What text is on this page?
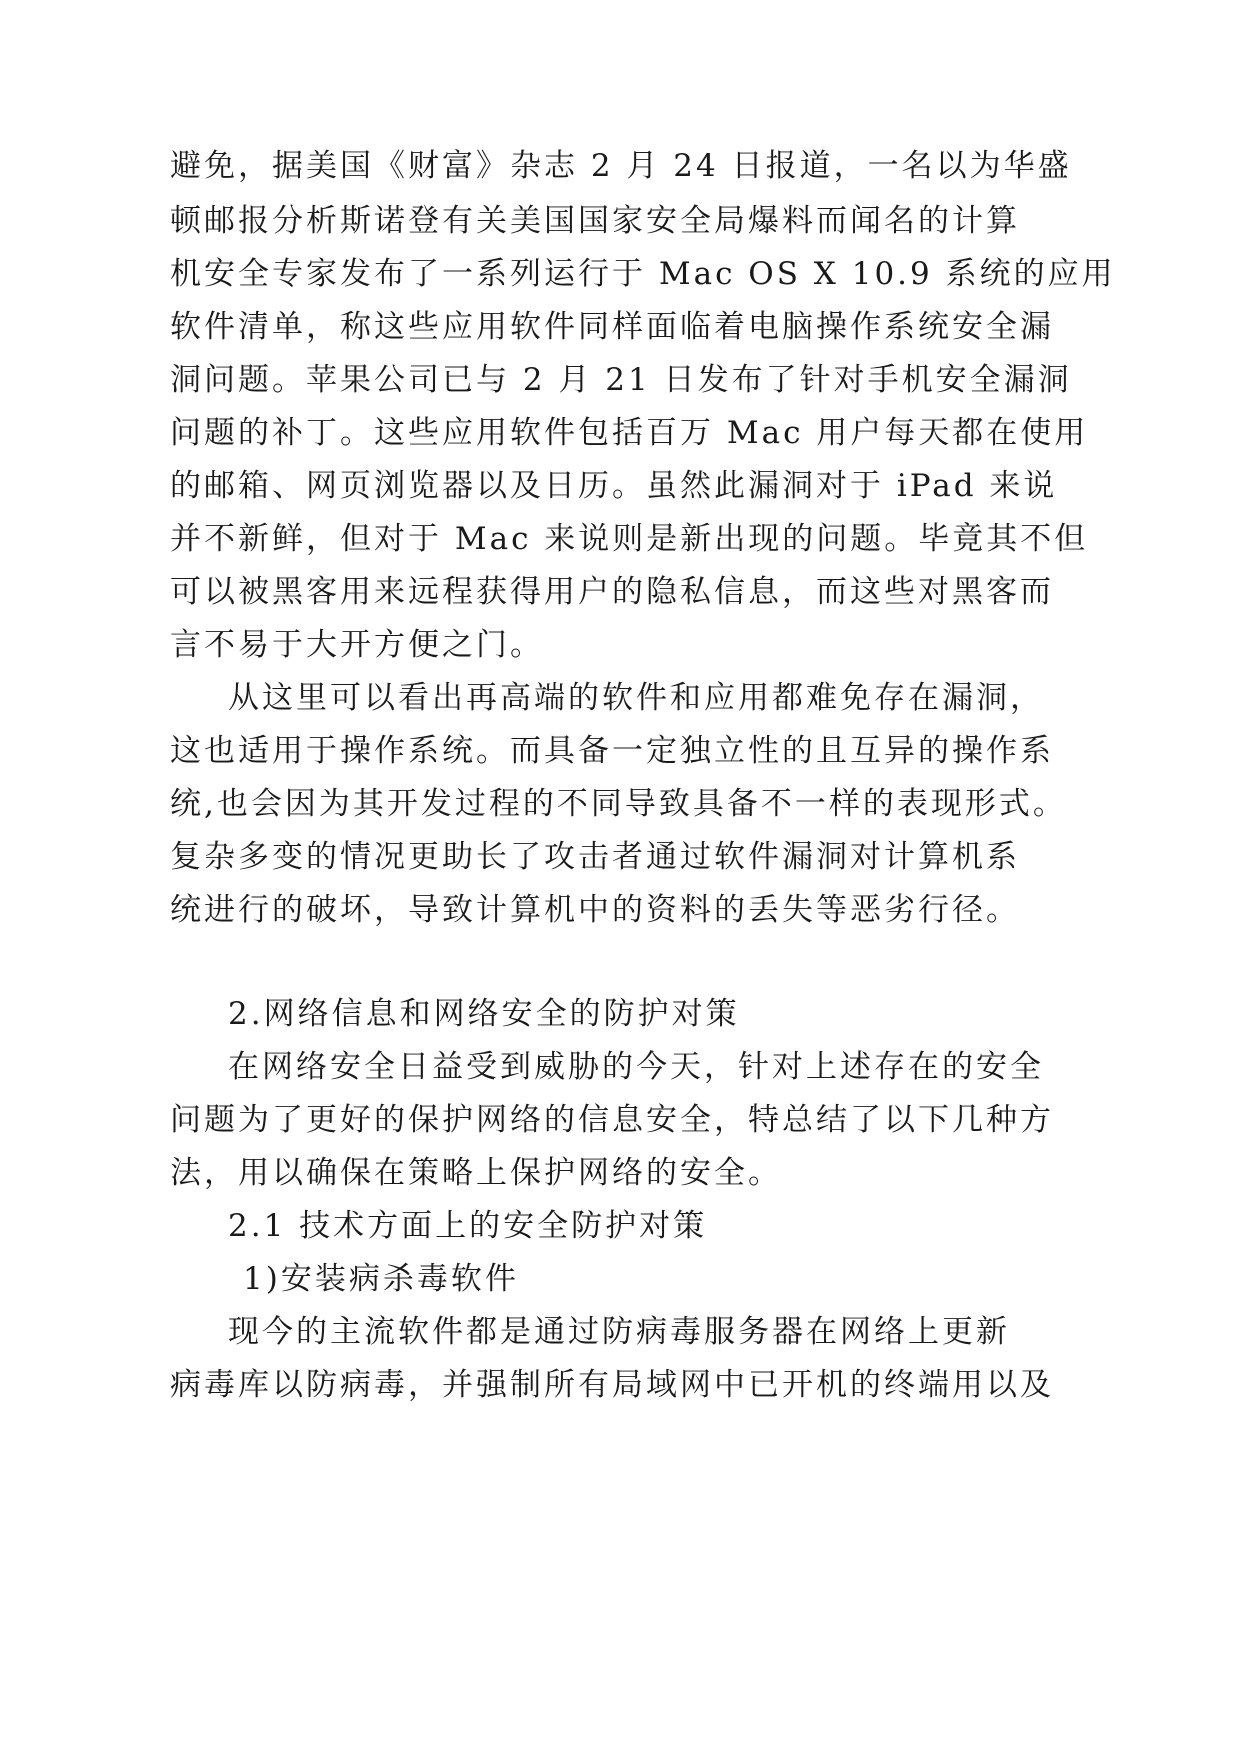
避免，据美国《财富》杂志 2 月 24 日报道，一名以为华盛
顿邮报分析斯诺登有关美国国家安全局爆料而闻名的计算
机安全专家发布了一系列运行于 Mac OS X 10.9 系统的应用
软件清单，称这些应用软件同样面临着电脑操作系统安全漏
洞问题。苹果公司已与 2 月 21 日发布了针对手机安全漏洞
问题的补丁。这些应用软件包括百万 Mac 用户每天都在使用
的邮箱、网页浏览器以及日历。虽然此漏洞对于 iPad 来说
并不新鲜，但对于 Mac 来说则是新出现的问题。毕竟其不但
可以被黑客用来远程获得用户的隐私信息，而这些对黑客而
言不易于大开方便之门。
从这里可以看出再高端的软件和应用都难免存在漏洞，
这也适用于操作系统。而具备一定独立性的且互异的操作系
统,也会因为其开发过程的不同导致具备不一样的表现形式。
复杂多变的情况更助长了攻击者通过软件漏洞对计算机系
统进行的破坏，导致计算机中的资料的丢失等恶劣行径。
2.网络信息和网络安全的防护对策
在网络安全日益受到威胁的今天，针对上述存在的安全
问题为了更好的保护网络的信息安全，特总结了以下几种方
法，用以确保在策略上保护网络的安全。
2.1 技术方面上的安全防护对策
1)安装病杀毒软件
现今的主流软件都是通过防病毒服务器在网络上更新
病毒库以防病毒，并强制所有局域网中已开机的终端用以及
